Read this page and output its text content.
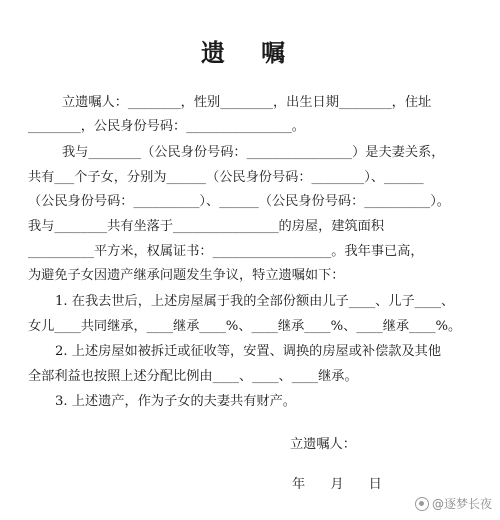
遗 嘱
立遗嘱人：________，性别________，出生日期________，住址
________，公民身份号码：________________。
我与________（公民身份号码：________________）是夫妻关系，
共有___个子女，分别为______（公民身份号码：________）、______
（公民身份号码：__________）、______（公民身份号码：__________）。
我与________共有坐落于________________的房屋，建筑面积
__________平方米，权属证书：__________________。我年事已高，
为避免子女因遗产继承问题发生争议，特立遗嘱如下：
1. 在我去世后，上述房屋属于我的全部份额由儿子____、儿子____、
女儿____共同继承，____继承____%、____继承____%、____继承____%。
2. 上述房屋如被拆迁或征收等，安置、调换的房屋或补偿款及其他
全部利益也按照上述分配比例由____、____、____继承。
3. 上述遗产，作为子女的夫妻共有财产。
立遗嘱人：
年      月      日
@逐梦长夜
